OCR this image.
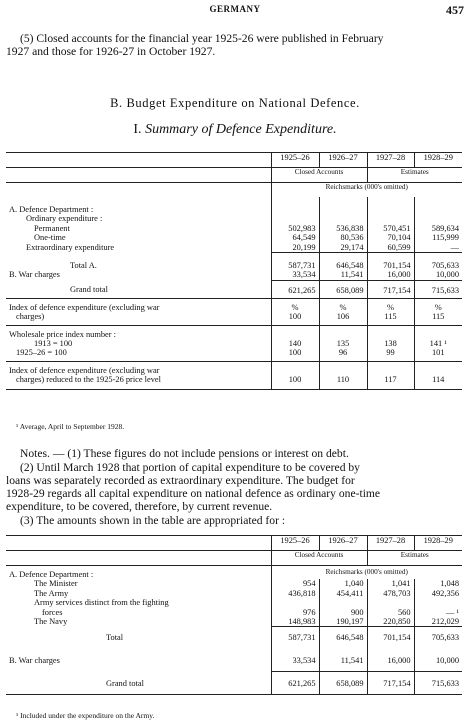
GERMANY	457

(5) Closed accounts for the financial year 1925-26 were published in February

1927 and those for 1926-27 in October 1927.

B. Budget Expenditure on National Defence.

I. Summary of Defence Expenditure.

	1925–26	1926–27	1927–28	1928–29
	Closed Accounts		Estimates	
	Reichsmarks (000's omitted)			
A. Defence Department :				
Ordinary expenditure :				
Permanent	502,983	536,838	570,451	589,634
One-time	64,549	80,536	70,104	115,999
Extraordinary expenditure	20,199	29,174	60,599	—
Total A.	587,731	646,548	701,154	705,633
B. War charges	33,534	11,541	16,000	10,000
Grand total	621,265	658,089	717,154	715,633
Index of defence expenditure (excluding war	%	%	%	%
charges)	100	106	115	115
Wholesale price index number :				
1913 = 100	140	135	138	141 ¹
1925–26 = 100	100	96	99	101
Index of defence expenditure (excluding war				
charges) reduced to the 1925-26 price level	100	110	117	114

¹ Average, April to September 1928.

Notes. — (1) These figures do not include pensions or interest on debt.

(2) Until March 1928 that portion of capital expenditure to be covered by

loans was separately recorded as extraordinary expenditure. The budget for

1928-29 regards all capital expenditure on national defence as ordinary one-time

expenditure, to be covered, therefore, by current revenue.

(3) The amounts shown in the table are appropriated for :

	1925–26	1926–27	1927–28	1928–29
	Closed Accounts		Estimates	
A. Defence Department :	Reichsmarks (000's omitted)			
The Minister	954	1,040	1,041	1,048
The Army	436,818	454,411	478,703	492,356
Army services distinct from the fighting				
forces	976	900	560	— ¹
The Navy	148,983	190,197	220,850	212,029
Total	587,731	646,548	701,154	705,633
B. War charges	33,534	11,541	16,000	10,000
Grand total	621,265	658,089	717,154	715,633

¹ Included under the expenditure on the Army.
